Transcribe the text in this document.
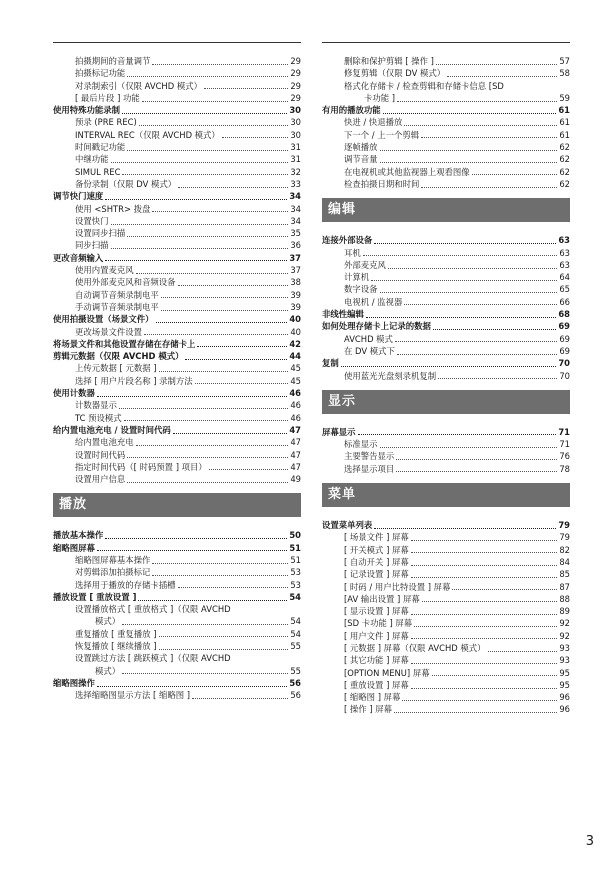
拍摄期间的音量调节	29
拍摄标记功能	29
对录制索引（仅限 AVCHD 模式）	29
[ 最后片段 ] 功能	29
使用特殊功能录制	30
预录 (PRE REC)	30
INTERVAL REC（仅限 AVCHD 模式）	30
时间戳记功能	31
中继功能	31
SIMUL REC	32
备份录制（仅限 DV 模式）	33
调节快门速度	34
使用 <SHTR> 拨盘	34
设置快门	34
设置同步扫描	35
同步扫描	36
更改音频输入	37
使用内置麦克风	37
使用外部麦克风和音频设备	38
自动调节音频录制电平	39
手动调节音频录制电平	39
使用拍摄设置（场景文件）	40
更改场景文件设置	40
将场景文件和其他设置存储在存储卡上	42
剪辑元数据（仅限 AVCHD 模式）	44
上传元数据 [ 元数据 ]	45
选择 [ 用户片段名称 ] 录制方法	45
使用计数器	46
计数器显示	46
TC 预设模式	46
给内置电池充电 / 设置时间代码	47
给内置电池充电	47
设置时间代码	47
指定时间代码（[ 时码预置 ] 项目）	47
设置用户信息	49
播放
播放基本操作	50
缩略图屏幕	51
缩略图屏幕基本操作	51
对剪辑添加拍摄标记	53
选择用于播放的存储卡插槽	53
播放设置 [ 重放设置 ]	54
设置播放格式 [ 重放格式 ]（仅限 AVCHD
模式）	54
重复播放 [ 重复播放 ]	54
恢复播放 [ 继续播放 ]	55
设置跳过方法 [ 跳跃模式 ]（仅限 AVCHD
模式）	55
缩略图操作	56
选择缩略图显示方法 [ 缩略图 ]	56
删除和保护剪辑 [ 操作 ]	57
修复剪辑（仅限 DV 模式）	58
格式化存储卡 / 检查剪辑和存储卡信息 [SD
卡功能 ]	59
有用的播放功能	61
快进 / 快退播放	61
下一个 / 上一个剪辑	61
逐帧播放	62
调节音量	62
在电视机或其他监视器上观看图像	62
检查拍摄日期和时间	62
编辑
连接外部设备	63
耳机	63
外部麦克风	63
计算机	64
数字设备	65
电视机 / 监视器	66
非线性编辑	68
如何处理存储卡上记录的数据	69
AVCHD 模式	69
在 DV 模式下	69
复制	70
使用蓝光光盘刻录机复制	70
显示
屏幕显示	71
标准显示	71
主要警告显示	76
选择显示项目	78
菜单
设置菜单列表	79
[ 场景文件 ] 屏幕	79
[ 开关模式 ] 屏幕	82
[ 自动开关 ] 屏幕	84
[ 记录设置 ] 屏幕	85
[ 时码 / 用户比特设置 ] 屏幕	87
[AV 输出设置 ] 屏幕	88
[ 显示设置 ] 屏幕	89
[SD 卡功能 ] 屏幕	92
[ 用户文件 ] 屏幕	92
[ 元数据 ] 屏幕（仅限 AVCHD 模式）	93
[ 其它功能 ] 屏幕	93
[OPTION MENU] 屏幕	95
[ 重放设置 ] 屏幕	95
[ 缩略图 ] 屏幕	96
[ 操作 ] 屏幕	96
3
